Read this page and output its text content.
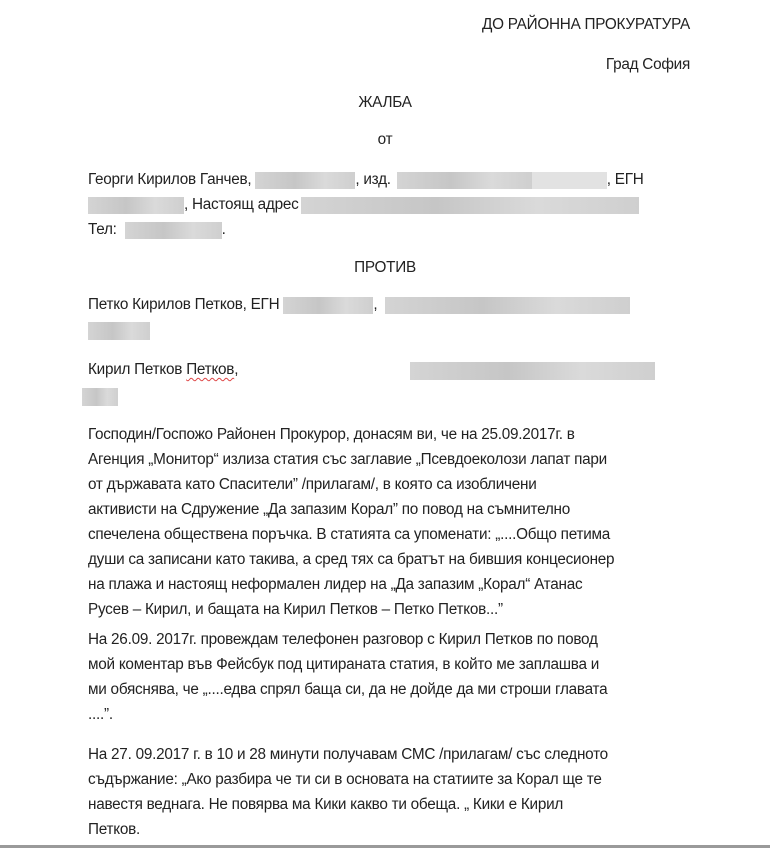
ДО РАЙОННА ПРОКУРАТУРА
Град София
ЖАЛБА
от
Георги Кирилов Ганчев,	, изд.	, ЕГН
, Настоящ адрес
Тел:	.
ПРОТИВ
Петко Кирилов Петков, ЕГН	,
Кирил Петков Петков ,
Господин/Госпожо Районен Прокурор, донасям ви, че на 25.09.2017г. в
Агенция „Монитор“ излиза статия със заглавие „Псевдоеколози лапат пари
от държавата като Спасители” /прилагам/, в която са изобличени
активисти на Сдружение „Да запазим Корал” по повод на съмнително
спечелена обществена поръчка. В статията са упоменати: „....Общо петима
души са записани като такива, а сред тях са братът на бившия концесионер
на плажа и настоящ неформален лидер на „Да запазим „Корал“ Атанас
Русев – Кирил, и бащата на Кирил Петков – Петко Петков...”
На 26.09. 2017г. провеждам телефонен разговор с Кирил Петков по повод
мой коментар във Фейсбук под цитираната статия, в който ме заплашва и
ми обяснява, че „....едва спрял баща си, да не дойде да ми строши главата
....”.
На 27. 09.2017 г. в 10 и 28 минути получавам СМС /прилагам/ със следното
съдържание: „Ако разбира че ти си в основата на статиите за Корал ще те
навестя веднага. Не повярва ма Кики какво ти обеща. „ Кики е Кирил
Петков.
